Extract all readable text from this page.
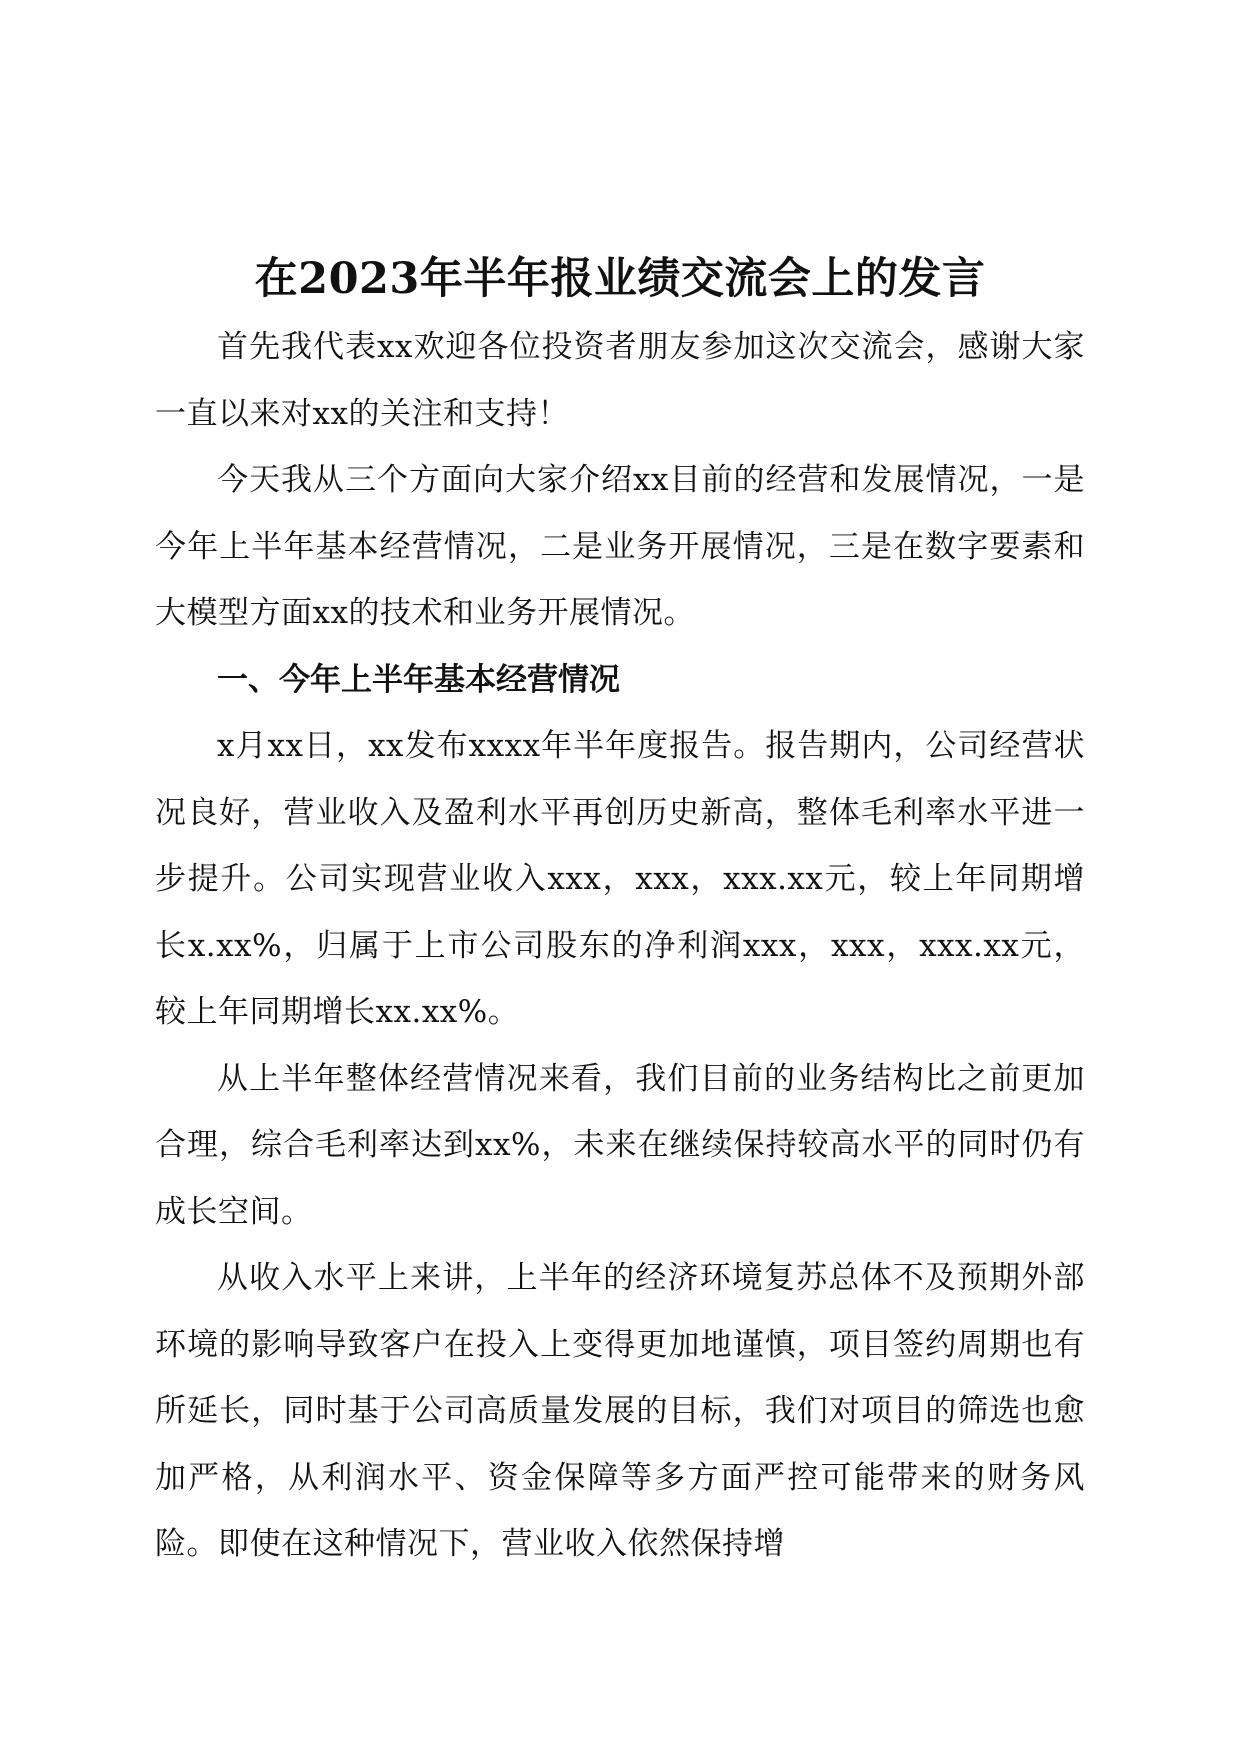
在2023年半年报业绩交流会上的发言

首先我代表xx欢迎各位投资者朋友参加这次交流会，感谢大家一直以来对xx的关注和支持！

今天我从三个方面向大家介绍xx目前的经营和发展情况，一是今年上半年基本经营情况，二是业务开展情况，三是在数字要素和大模型方面xx的技术和业务开展情况。

一、今年上半年基本经营情况

x月xx日，xx发布xxxx年半年度报告。报告期内，公司经营状况良好，营业收入及盈利水平再创历史新高，整体毛利率水平进一步提升。公司实现营业收入xxx，xxx，xxx.xx元，较上年同期增长x.xx%，归属于上市公司股东的净利润xxx，xxx，xxx.xx元，较上年同期增长xx.xx%。

从上半年整体经营情况来看，我们目前的业务结构比之前更加合理，综合毛利率达到xx%，未来在继续保持较高水平的同时仍有成长空间。

从收入水平上来讲，上半年的经济环境复苏总体不及预期外部环境的影响导致客户在投入上变得更加地谨慎，项目签约周期也有所延长，同时基于公司高质量发展的目标，我们对项目的筛选也愈加严格，从利润水平、资金保障等多方面严控可能带来的财务风险。即使在这种情况下，营业收入依然保持增
